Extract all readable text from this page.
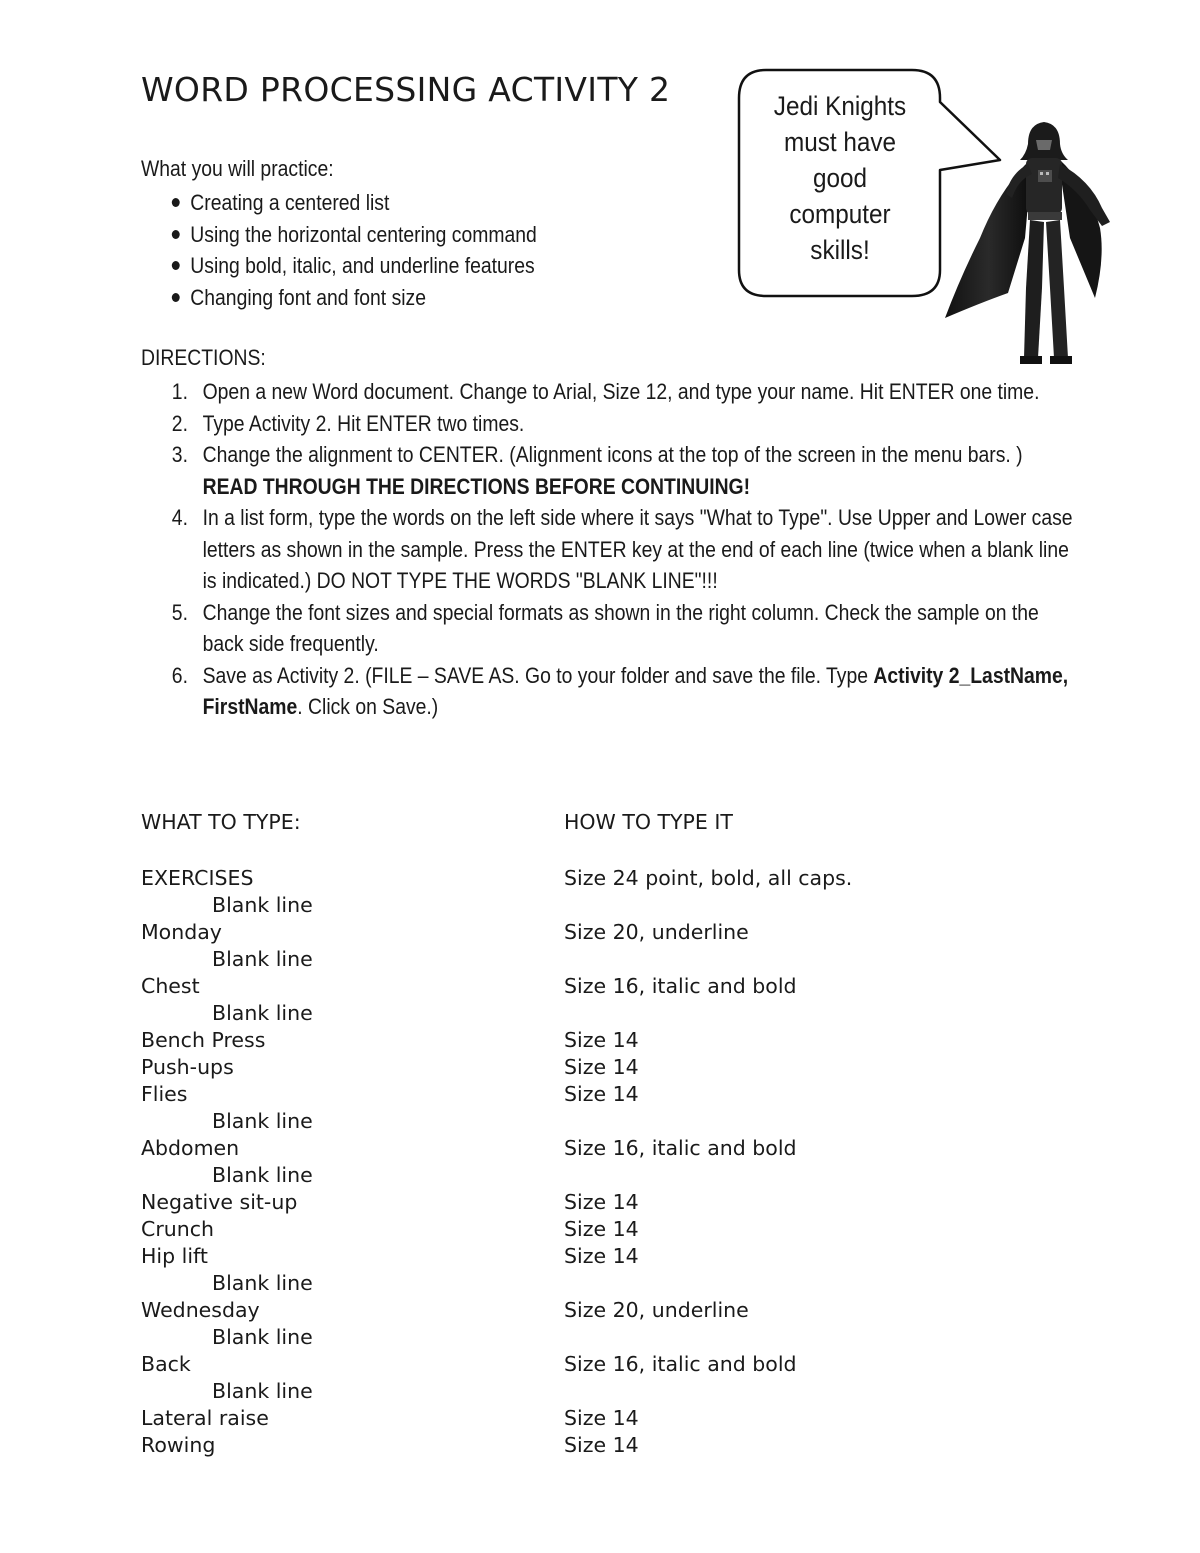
WORD PROCESSING ACTIVITY 2
What you will practice:
Creating a centered list
Using the horizontal centering command
Using bold, italic, and underline features
Changing font and font size
Jedi Knights
must have
good
computer
skills!
DIRECTIONS:
1. Open a new Word document. Change to Arial, Size 12, and type your name. Hit ENTER one time.
2. Type Activity 2. Hit ENTER two times.
3. Change the alignment to CENTER. (Alignment icons at the top of the screen in the menu bars. ) READ THROUGH THE DIRECTIONS BEFORE CONTINUING!
4. In a list form, type the words on the left side where it says "What to Type". Use Upper and Lower case letters as shown in the sample. Press the ENTER key at the end of each line (twice when a blank line is indicated.) DO NOT TYPE THE WORDS "BLANK LINE"!!!
5. Change the font sizes and special formats as shown in the right column. Check the sample on the back side frequently.
6. Save as Activity 2. (FILE – SAVE AS. Go to your folder and save the file. Type Activity 2_LastName, FirstName. Click on Save.)
WHAT TO TYPE:	HOW TO TYPE IT
EXERCISES	Size 24 point, bold, all caps.
Blank line
Monday	Size 20, underline
Blank line
Chest	Size 16, italic and bold
Blank line
Bench Press	Size 14
Push-ups	Size 14
Flies	Size 14
Blank line
Abdomen	Size 16, italic and bold
Blank line
Negative sit-up	Size 14
Crunch	Size 14
Hip lift	Size 14
Blank line
Wednesday	Size 20, underline
Blank line
Back	Size 16, italic and bold
Blank line
Lateral raise	Size 14
Rowing	Size 14
